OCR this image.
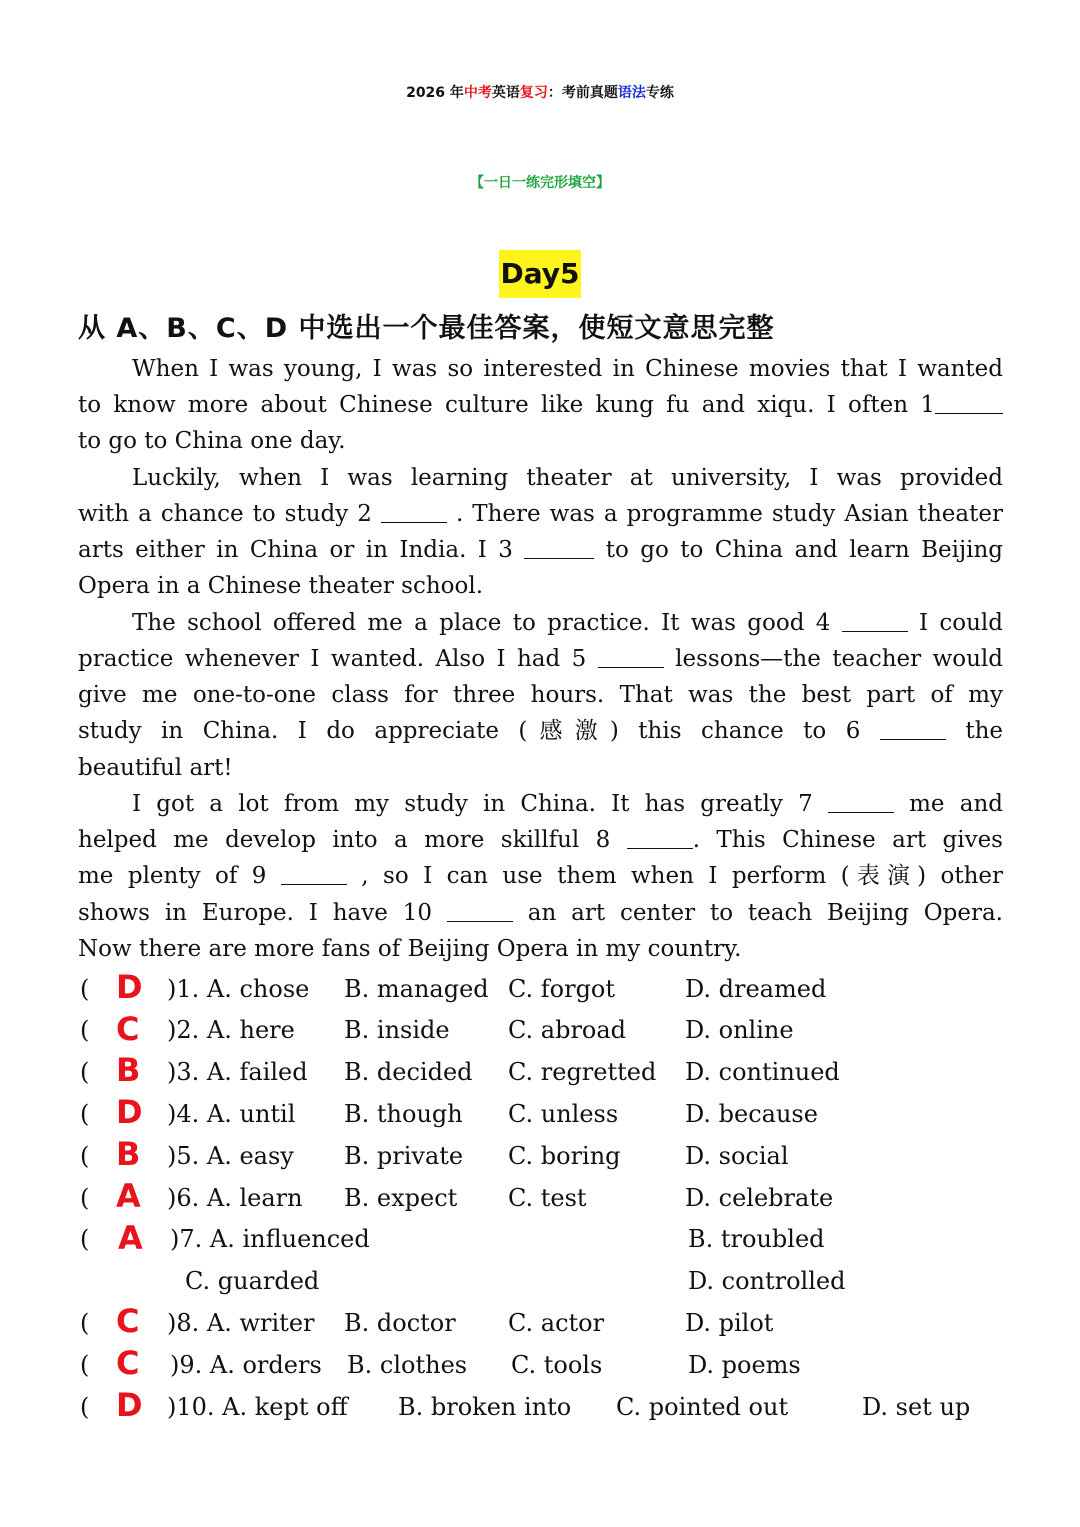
2026 年中考英语复习：考前真题语法专练
【一日一练完形填空】
Day5
从 A、B、C、D 中选出一个最佳答案，使短文意思完整
When I was young, I was so interested in Chinese movies that I wanted
to know more about Chinese culture like kung fu and xiqu. I often 1
to go to China one day.
Luckily, when I was learning theater at university, I was provided
with a chance to study 2	. There was a programme study Asian theater
arts either in China or in India. I 3	to go to China and learn Beijing
Opera in a Chinese theater school.
The school offered me a place to practice. It was good 4	I could
practice whenever I wanted. Also I had 5	lessons—the teacher would
give me one-to-one class for three hours. That was the best part of my
study in China. I do appreciate (感激) this chance to 6	the
beautiful art!
I got a lot from my study in China. It has greatly 7	me and
helped me develop into a more skillful 8	. This Chinese art gives
me plenty of 9	, so I can use them when I perform (表演) other
shows in Europe. I have 10	an art center to teach Beijing Opera.
Now there are more fans of Beijing Opera in my country.
( D )1. A. chose B. managed C. forgot	D. dreamed
( C )2. A. here B. inside C. abroad D. online
( B )3. A. failed B. decided C. regretted D. continued
( D )4. A. until B. though C. unless	D. because
( B )5. A. easy B. private C. boring	D. social
( A )6. A. learn B. expect C. test	D. celebrate
( A )7. A. influenced	B. troubled
C. guarded	D. controlled
( C )8. A. writer B. doctor C. actor	D. pilot
( C )9. A. orders B. clothes C. tools	D. poems
( D )10. A. kept off B. broken into C. pointed out	D. set up
